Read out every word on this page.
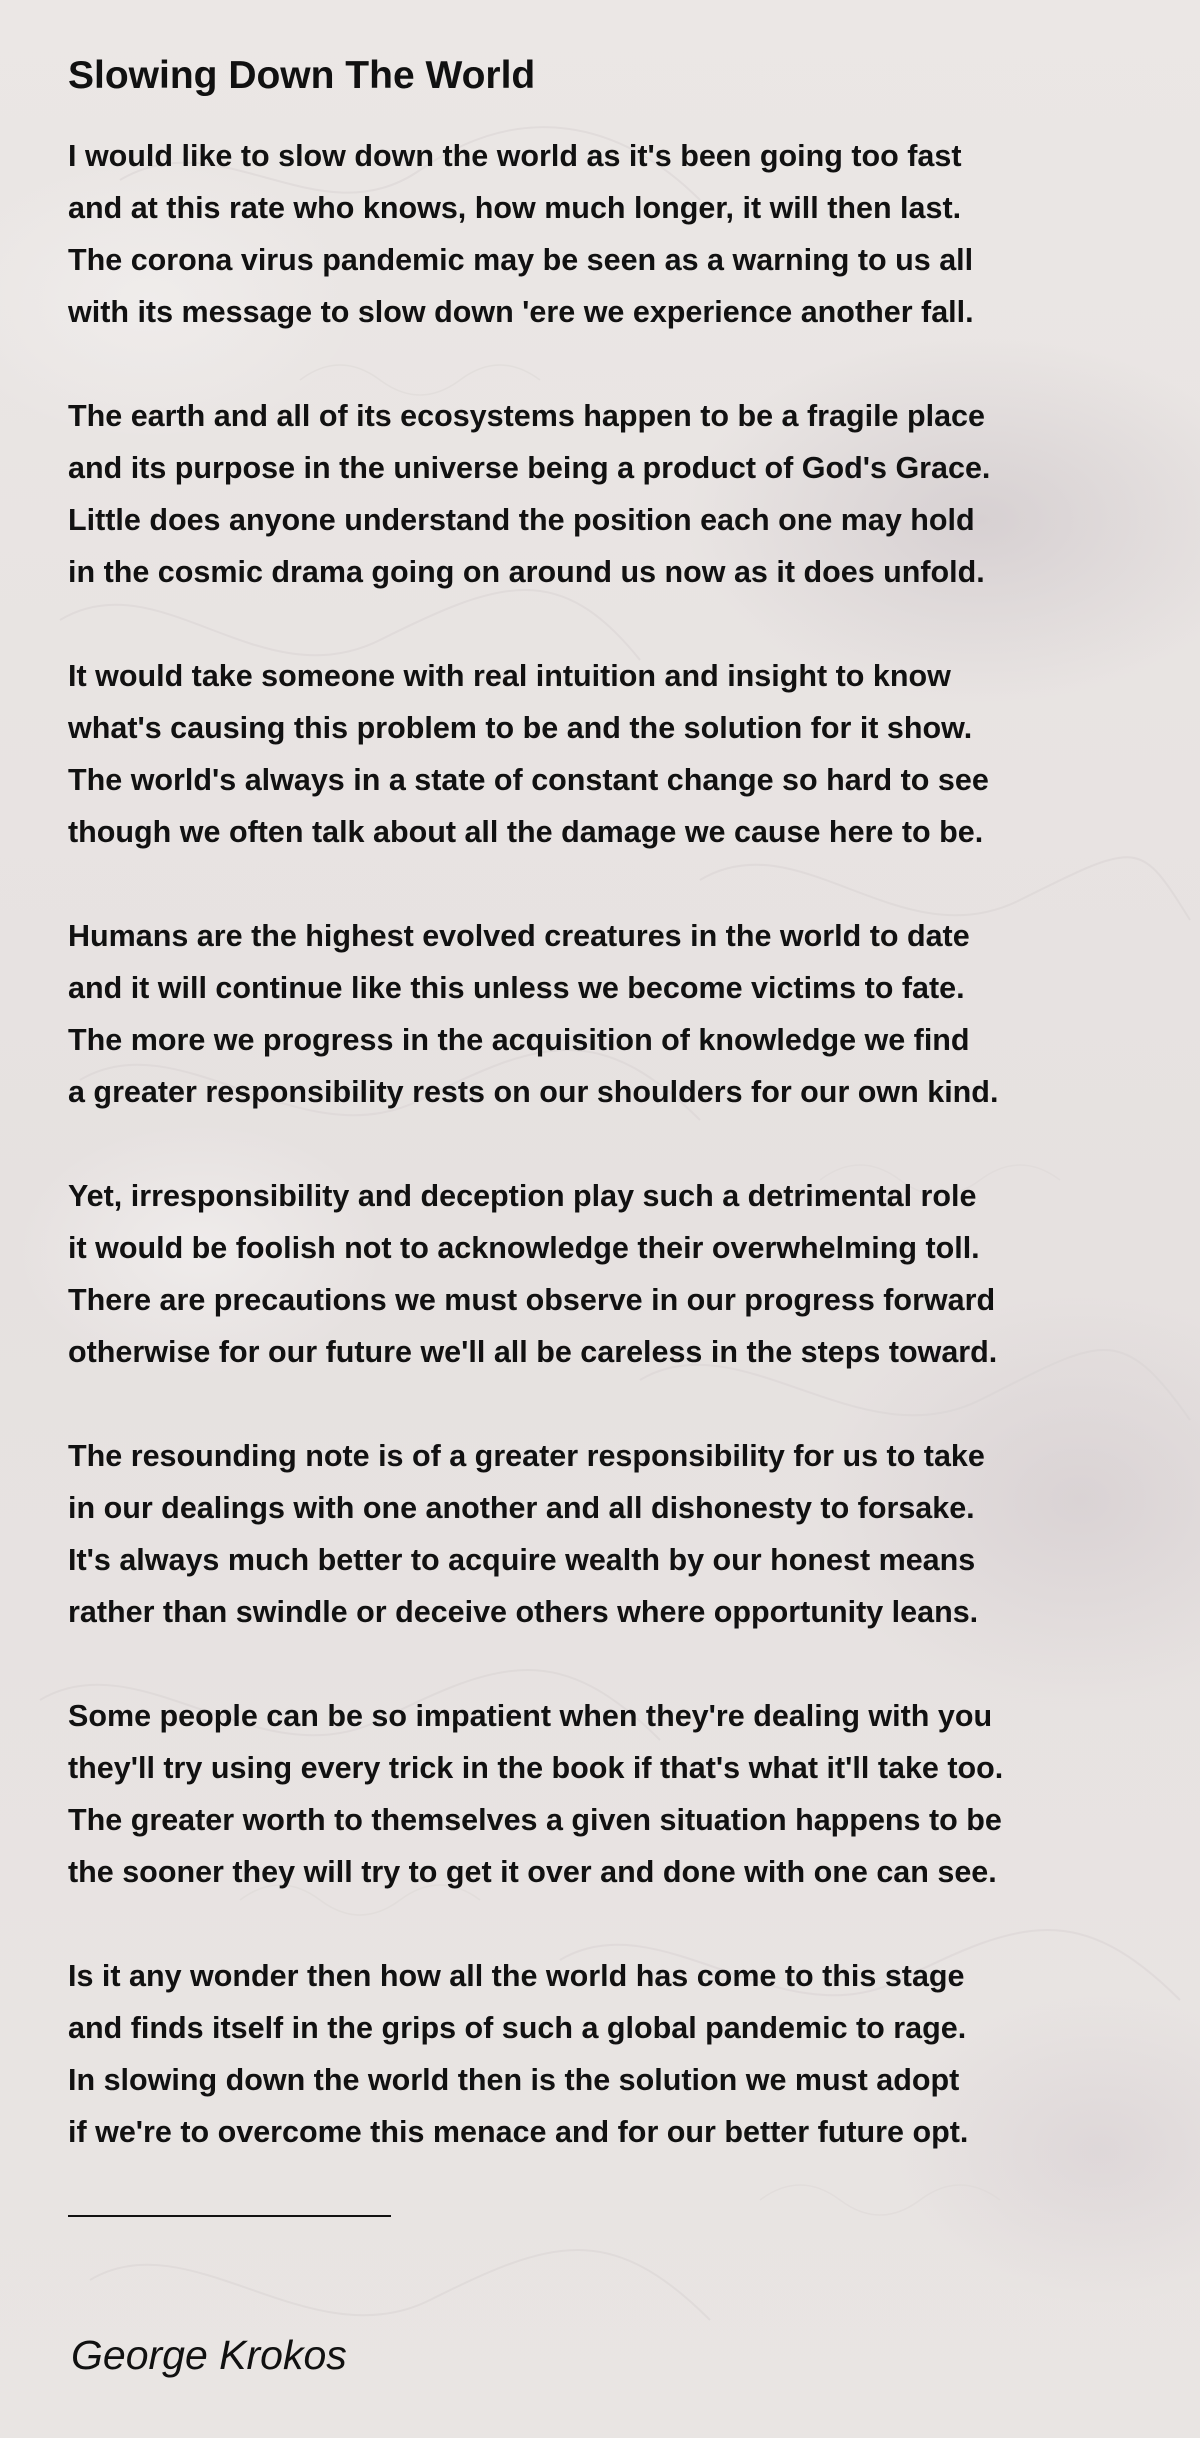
Slowing Down The World
I would like to slow down the world as it's been going too fast
and at this rate who knows, how much longer, it will then last.
The corona virus pandemic may be seen as a warning to us all
with its message to slow down 'ere we experience another fall.
The earth and all of its ecosystems happen to be a fragile place
and its purpose in the universe being a product of God's Grace.
Little does anyone understand the position each one may hold
in the cosmic drama going on around us now as it does unfold.
It would take someone with real intuition and insight to know
what's causing this problem to be and the solution for it show.
The world's always in a state of constant change so hard to see
though we often talk about all the damage we cause here to be.
Humans are the highest evolved creatures in the world to date
and it will continue like this unless we become victims to fate.
The more we progress in the acquisition of knowledge we find
a greater responsibility rests on our shoulders for our own kind.
Yet, irresponsibility and deception play such a detrimental role
it would be foolish not to acknowledge their overwhelming toll.
There are precautions we must observe in our progress forward
otherwise for our future we'll all be careless in the steps toward.
The resounding note is of a greater responsibility for us to take
in our dealings with one another and all dishonesty to forsake.
It's always much better to acquire wealth by our honest means
rather than swindle or deceive others where opportunity leans.
Some people can be so impatient when they're dealing with you
they'll try using every trick in the book if that's what it'll take too.
The greater worth to themselves a given situation happens to be
the sooner they will try to get it over and done with one can see.
Is it any wonder then how all the world has come to this stage
and finds itself in the grips of such a global pandemic to rage.
In slowing down the world then is the solution we must adopt
if we're to overcome this menace and for our better future opt.
George Krokos
